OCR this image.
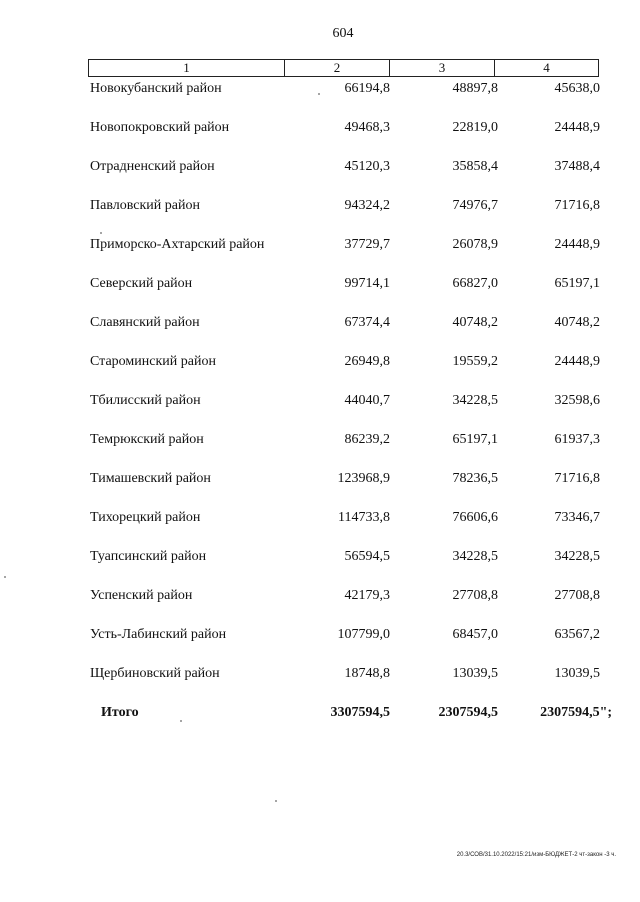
604
1	2	3	4
Новокубанский район	66194,8	48897,8	45638,0
Новопокровский район	49468,3	22819,0	24448,9
Отрадненский район	45120,3	35858,4	37488,4
Павловский район	94324,2	74976,7	71716,8
Приморско-Ахтарский район	37729,7	26078,9	24448,9
Северский район	99714,1	66827,0	65197,1
Славянский район	67374,4	40748,2	40748,2
Староминский район	26949,8	19559,2	24448,9
Тбилисский район	44040,7	34228,5	32598,6
Темрюкский район	86239,2	65197,1	61937,3
Тимашевский район	123968,9	78236,5	71716,8
Тихорецкий район	114733,8	76606,6	73346,7
Туапсинский район	56594,5	34228,5	34228,5
Успенский район	42179,3	27708,8	27708,8
Усть-Лабинский район	107799,0	68457,0	63567,2
Щербиновский район	18748,8	13039,5	13039,5
Итого	3307594,5	2307594,5	2307594,5";
20.3/СОВ/31.10.2022/15:21/изм-БЮДЖЕТ-2 чт-закон -3 ч.
